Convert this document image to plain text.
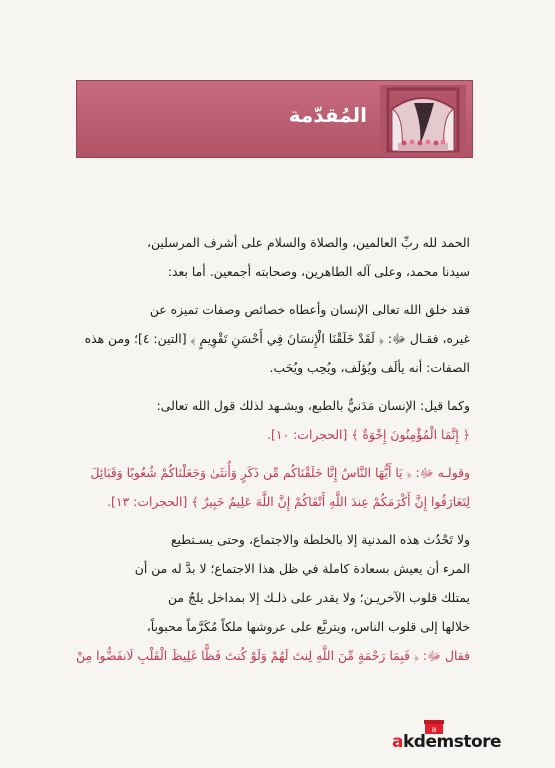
المُقدّمة

الحمد لله ربِّ العالمين، والصلاة والسلام على أشرف المرسلين،
سيدنا محمد، وعلى آله الطاهرين، وصحابته أجمعين. أما بعد:

فقد خلق الله تعالى الإنسان وأعطاه خصائص وصفات تميزه عن
غيره، فقـال ﷻ: ﴿ لَقَدْ خَلَقْنَا الْإِنسَانَ فِي أَحْسَنِ تَقْوِيمٍ ﴾ [التين: ٤]؛ ومن هذه
الصفات: أنه يألَف ويُؤلَف، ويُحِب ويُحَب.

وكما قيل: الإنسان مَدَنيٌّ بالطبع، ويشـهد لذلك قول الله تعالى:
﴿ إِنَّمَا الْمُؤْمِنُونَ إِخْوَةٌ ﴾ [الحجرات: ١٠].

وقولـه ﷻ: ﴿ يَا أَيُّهَا النَّاسُ إِنَّا خَلَقْنَاكُم مِّن ذَكَرٍ وَأُنثَىٰ وَجَعَلْنَاكُمْ شُعُوبًا وَقَبَائِلَ
لِتَعَارَفُوا إِنَّ أَكْرَمَكُمْ عِندَ اللَّهِ أَتْقَاكُمْ إِنَّ اللَّهَ عَلِيمٌ خَبِيرٌ ﴾ [الحجرات: ١٣].

ولا تَحْدُث هذه المدنية إلا بالخلطة والاجتماع، وحتى يسـتطيع
المرء أن يعيش بسعادة كاملة في ظل هذا الاجتماع؛ لا بدَّ له من أن
يمتلك قلوب الآخريـن؛ ولا يقدر على ذلـك إلا بمداخل يلجُ من
خلالها إلى قلوب الناس، ويتربَّع على عروشها ملكاً مُكَرَّماً محبوباً،
فقال ﷻ: ﴿ فَبِمَا رَحْمَةٍ مِّنَ اللَّهِ لِنتَ لَهُمْ وَلَوْ كُنتَ فَظًّا غَلِيظَ الْقَلْبِ لَانفَضُّوا مِنْ

a
akdemstore
